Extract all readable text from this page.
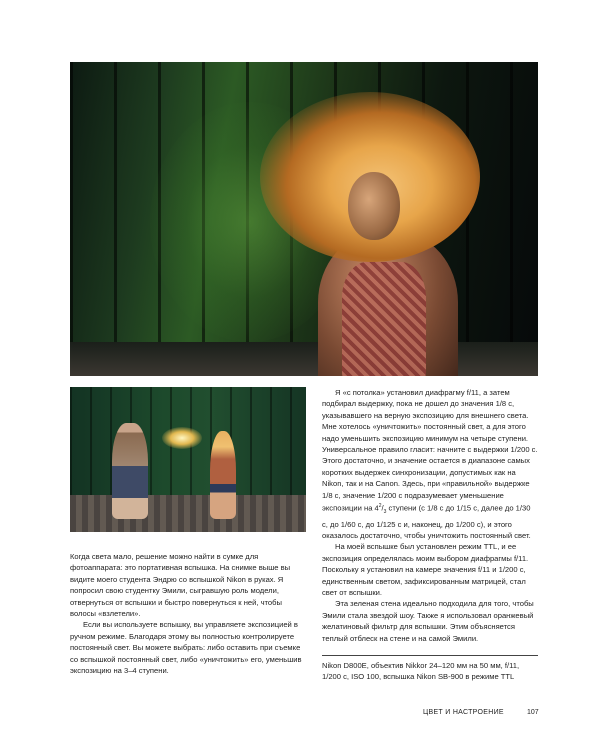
Когда света мало, решение можно найти в сумке для фотоаппарата: это портативная вспышка. На снимке выше вы видите моего студента Эндрю со вспышкой Nikon в руках. Я попросил свою студентку Эмили, сыгравшую роль модели, отвернуться от вспышки и быстро повернуться к ней, чтобы волосы «взлетели».

Если вы используете вспышку, вы управляете экспозицией в ручном режиме. Благодаря этому вы полностью контролируете постоянный свет. Вы можете выбрать: либо оставить при съемке со вспышкой постоянный свет, либо «уничтожить» его, уменьшив экспозицию на 3–4 ступени.

Я «с потолка» установил диафрагму f/11, а затем подбирал выдержку, пока не дошел до значения 1/8 с, указывавшего на верную экспозицию для внешнего света. Мне хотелось «уничтожить» постоянный свет, а для этого надо уменьшить экспозицию минимум на четыре ступени. Универсальное правило гласит: начните с выдержки 1/200 с. Этого достаточно, и значение остается в диапазоне самых коротких выдержек синхронизации, допустимых как на Nikon, так и на Canon. Здесь, при «правильной» выдержке 1/8 с, значение 1/200 с подразумевает уменьшение экспозиции на $4^2/_3$ ступени (с 1/8 с до 1/15 с, далее до 1/30 с, до 1/60 с, до 1/125 с и, наконец, до 1/200 с), и этого оказалось достаточно, чтобы уничтожить постоянный свет.

На моей вспышке был установлен режим TTL, и ее экспозиция определялась моим выбором диафрагмы f/11. Поскольку я установил на камере значения f/11 и 1/200 с, единственным светом, зафиксированным матрицей, стал свет от вспышки.

Эта зеленая стена идеально подходила для того, чтобы Эмили стала звездой шоу. Также я использовал оранжевый желатиновый фильтр для вспышки. Этим объясняется теплый отблеск на стене и на самой Эмили.

Nikon D800E, объектив Nikkor 24–120 мм на 50 мм, f/11, 1/200 с, ISO 100, вспышка Nikon SB-900 в режиме TTL
ЦВЕТ И НАСТРОЕНИЕ	107
